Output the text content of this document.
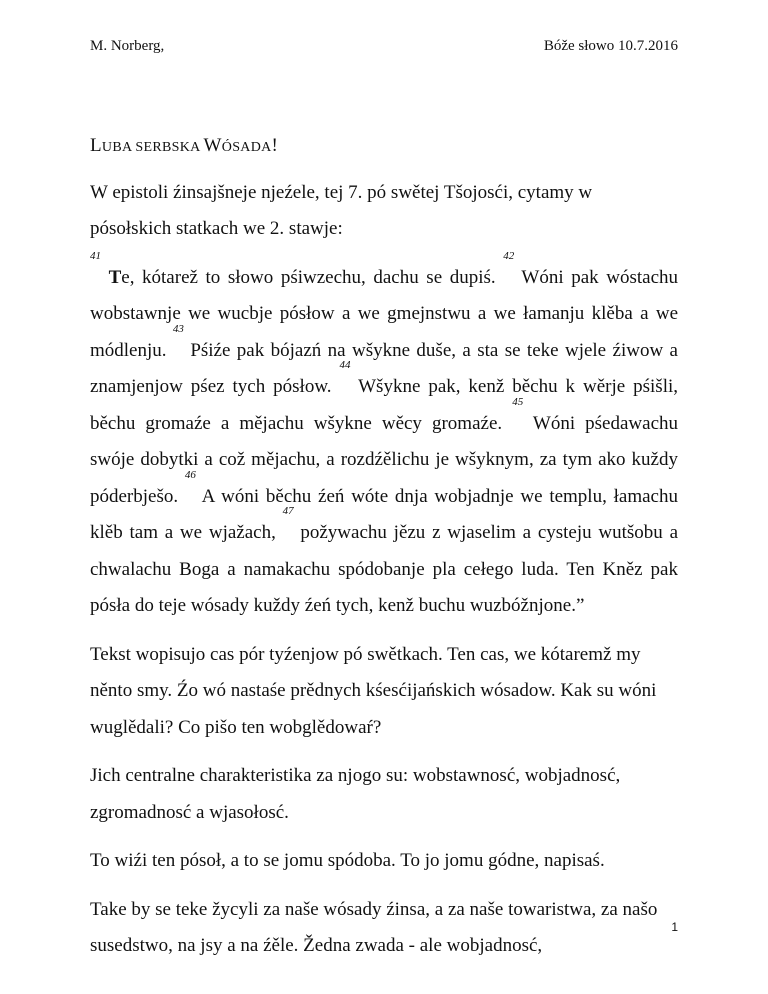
M. Norberg,	Bóže słowo 10.7.2016
LUBA SERBSKA WÓSADA!

W epistoli źinsajšneje njeźele, tej 7. pó swětej Tšojosći, cytamy w pósołskich statkach we 2. stawje:

$^{41}$ Te, kótarež to słowo pśiwzechu, dachu se dupiś. $^{42}$ Wóni pak wóstachu wobstawnje we wucbje pósłow a we gmejnstwu a we łamanju klěba a we módlenju. $^{43}$ Pśiźe pak bójazń na wšykne duše, a sta se teke wjele źiwow a znamjenjow pśez tych pósłow. $^{44}$ Wšykne pak, kenž běchu k wěrje pśišli, běchu gromaźe a mějachu wšykne wěcy gromaźe. $^{45}$ Wóni pśedawachu swóje dobytki a což mějachu, a rozdźělichu je wšyknym, za tym ako kuždy póderbješo. $^{46}$ A wóni běchu źeń wóte dnja wobjadnje we templu, łamachu klěb tam a we wjažach, $^{47}$ požywachu jězu z wjaselim a cysteju wutšobu a chwalachu Boga a namakachu spódobanje pla cełego luda. Ten Kněz pak pósła do teje wósady kuždy źeń tych, kenž buchu wuzbóžnjone.”

Tekst wopisujo cas pór tyźenjow pó swětkach. Ten cas, we kótaremž my něnto smy. Źo wó nastaśe prědnych kśesćijańskich wósadow. Kak su wóni wuglědali? Co pišo ten wobglědowaŕ?

Jich centralne charakteristika za njogo su: wobstawnosć, wobjadnosć, zgromadnosć a wjasołosć.

To wiźi ten pósoł, a to se jomu spódoba. To jo jomu gódne, napisaś.

Take by se teke žycyli za naše wósady źinsa, a za naše towaristwa, za našo susedstwo, na jsy a na źěle. Žedna zwada - ale wobjadnosć,

1
